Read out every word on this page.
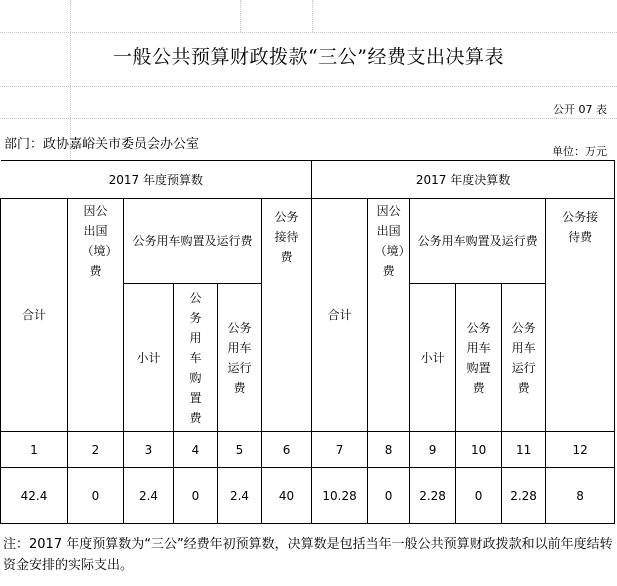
一般公共预算财政拨款“三公”经费支出决算表
公开 07 表
部门：政协嘉峪关市委员会办公室	单位：万元
2017 年度预算数						2017 年度决算数					
合计	因公出国（境）费	公务用车购置及运行费			公务接待费	合计	因公出国（境）费	公务用车购置及运行费			公务接待费
		小计	公务用车购置费	公务用车运行费				小计	公务用车购置费	公务用车运行费	
1	2	3	4	5	6	7	8	9	10	11	12
42.4	0	2.4	0	2.4	40	10.28	0	2.28	0	2.28	8
注：2017 年度预算数为“三公”经费年初预算数，决算数是包括当年一般公共预算财政拨款和以前年度结转资金安排的实际支出。
